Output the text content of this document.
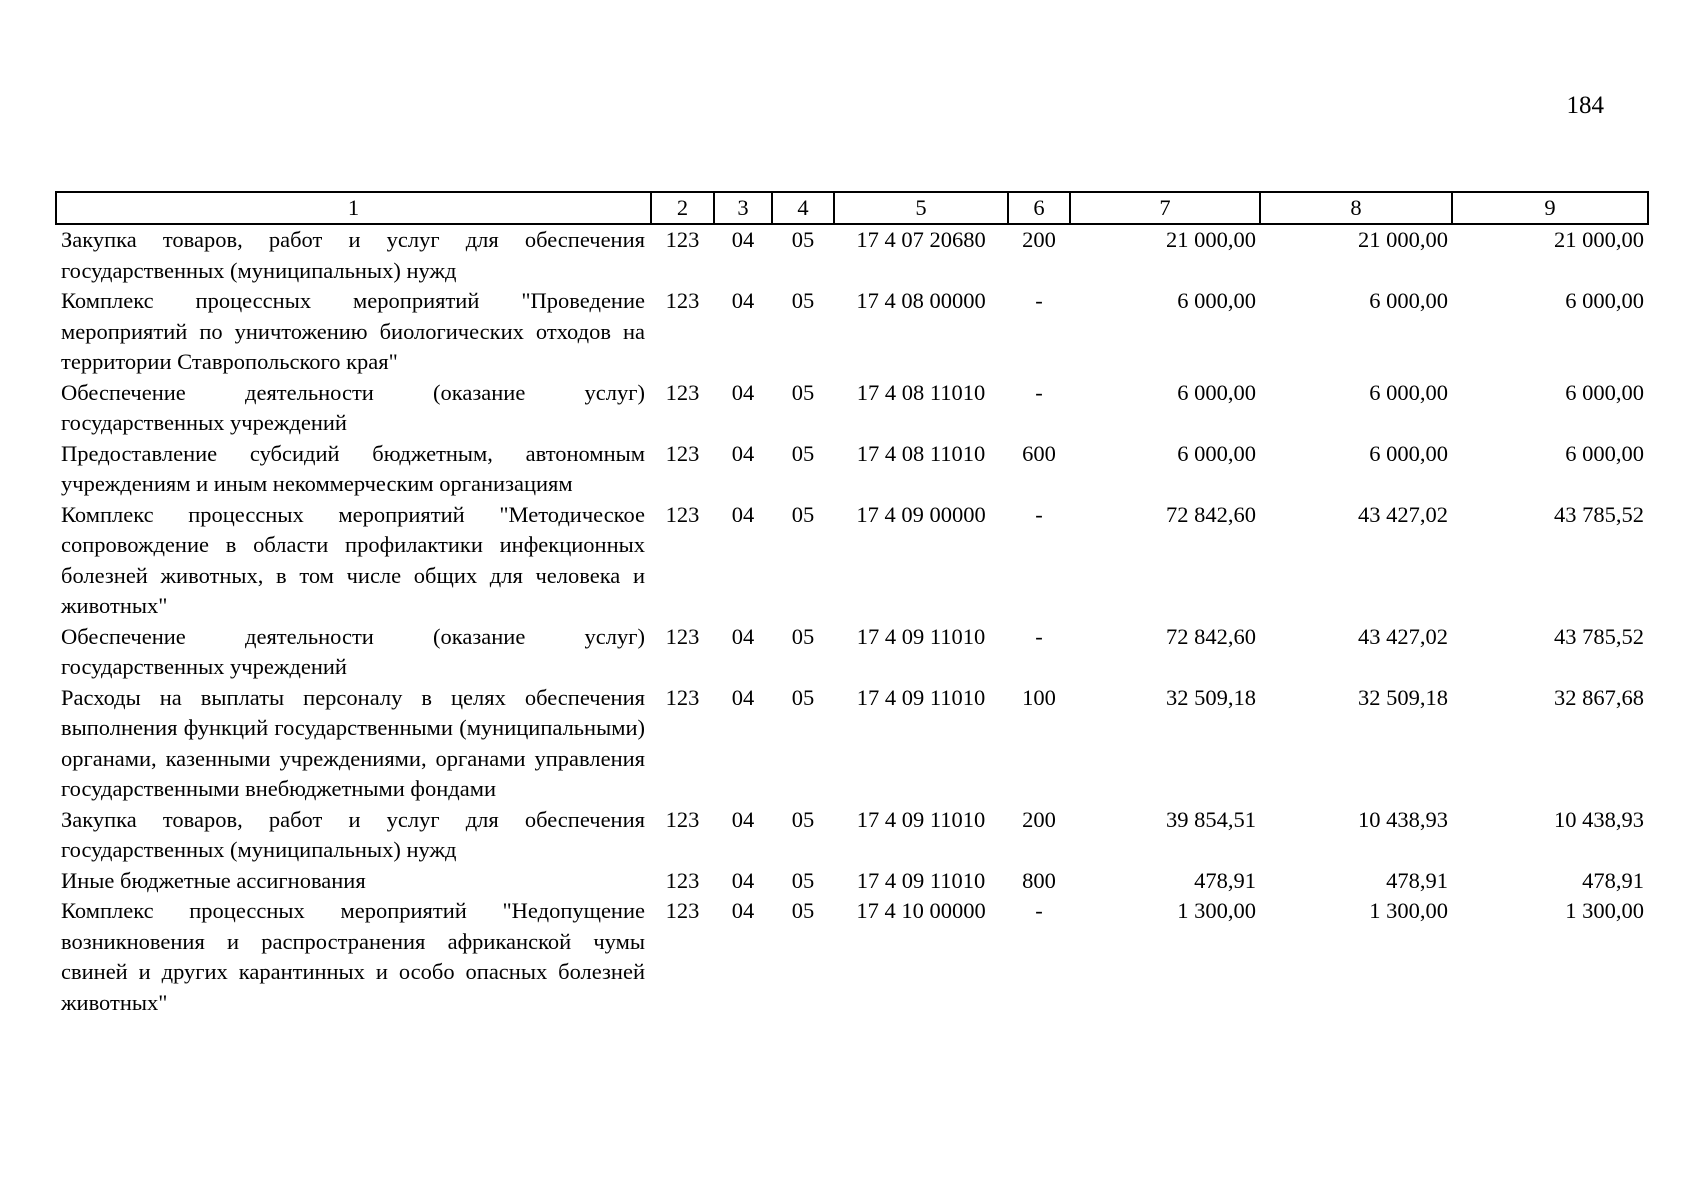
184
1	2	3	4	5	6	7	8	9
Закупка товаров, работ и услуг для обеспечения государственных (муниципальных) нужд	123	04	05	17 4 07 20680	200	21 000,00	21 000,00	21 000,00
Комплекс процессных мероприятий "Проведение мероприятий по уничтожению биологических отходов на территории Ставропольского края"	123	04	05	17 4 08 00000	-	6 000,00	6 000,00	6 000,00
Обеспечение деятельности (оказание услуг) государственных учреждений	123	04	05	17 4 08 11010	-	6 000,00	6 000,00	6 000,00
Предоставление субсидий бюджетным, автономным учреждениям и иным некоммерческим организациям	123	04	05	17 4 08 11010	600	6 000,00	6 000,00	6 000,00
Комплекс процессных мероприятий "Методическое сопровождение в области профилактики инфекционных болезней животных, в том числе общих для человека и животных"	123	04	05	17 4 09 00000	-	72 842,60	43 427,02	43 785,52
Обеспечение деятельности (оказание услуг) государственных учреждений	123	04	05	17 4 09 11010	-	72 842,60	43 427,02	43 785,52
Расходы на выплаты персоналу в целях обеспечения выполнения функций государственными (муниципальными) органами, казенными учреждениями, органами управления государственными внебюджетными фондами	123	04	05	17 4 09 11010	100	32 509,18	32 509,18	32 867,68
Закупка товаров, работ и услуг для обеспечения государственных (муниципальных) нужд	123	04	05	17 4 09 11010	200	39 854,51	10 438,93	10 438,93
Иные бюджетные ассигнования	123	04	05	17 4 09 11010	800	478,91	478,91	478,91
Комплекс процессных мероприятий "Недопущение возникновения и распространения африканской чумы свиней и других карантинных и особо опасных болезней животных"	123	04	05	17 4 10 00000	-	1 300,00	1 300,00	1 300,00
